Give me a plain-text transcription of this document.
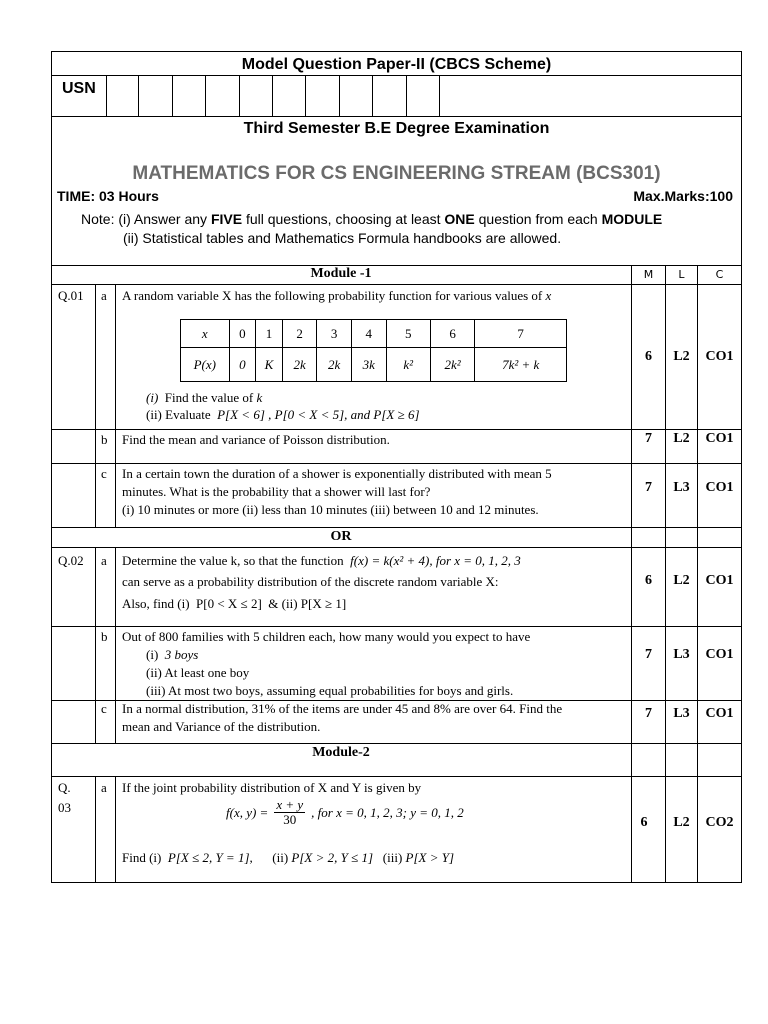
Model Question Paper-II (CBCS Scheme)
USN
Third Semester B.E Degree Examination
MATHEMATICS FOR CS ENGINEERING STREAM (BCS301)
TIME: 03 Hours	Max.Marks:100
Note: (i) Answer any FIVE full questions, choosing at least ONE question from each MODULE
(ii) Statistical tables and Mathematics Formula handbooks are allowed.
Module -1	M	L	C
Q.01 a A random variable X has the following probability function for various values of x
x	0	1	2	3	4	5	6	7
P(x)	0	K	2k	2k	3k	k²	2k²	7k² + k
(i) Find the value of k
(ii) Evaluate P[X < 6] , P[0 < X < 5], and P[X ≥ 6]
6	L2	CO1
b Find the mean and variance of Poisson distribution.	7	L2	CO1
c In a certain town the duration of a shower is exponentially distributed with mean 5
minutes. What is the probability that a shower will last for?
(i) 10 minutes or more (ii) less than 10 minutes (iii) between 10 and 12 minutes.
7	L3	CO1
OR
Q.02 a Determine the value k, so that the function f(x) = k(x² + 4), for x = 0, 1, 2, 3
can serve as a probability distribution of the discrete random variable X:
Also, find (i) P[0 < X ≤ 2] & (ii) P[X ≥ 1]
6	L2	CO1
b Out of 800 families with 5 children each, how many would you expect to have
(i) 3 boys
(ii) At least one boy
(iii) At most two boys, assuming equal probabilities for boys and girls.
7	L3	CO1
c In a normal distribution, 31% of the items are under 45 and 8% are over 64. Find the
mean and Variance of the distribution.
7	L3	CO1
Module-2
Q.
03
a If the joint probability distribution of X and Y is given by
f(x, $y) = \frac{x + y}{30}$ , for x = 0, 1, 2, 3; y = 0, 1, 2
Find (i) P[X ≤ 2, Y = 1], (ii) P[X > 2, Y ≤ 1] (iii) P[X > Y]
6	L2	CO2
